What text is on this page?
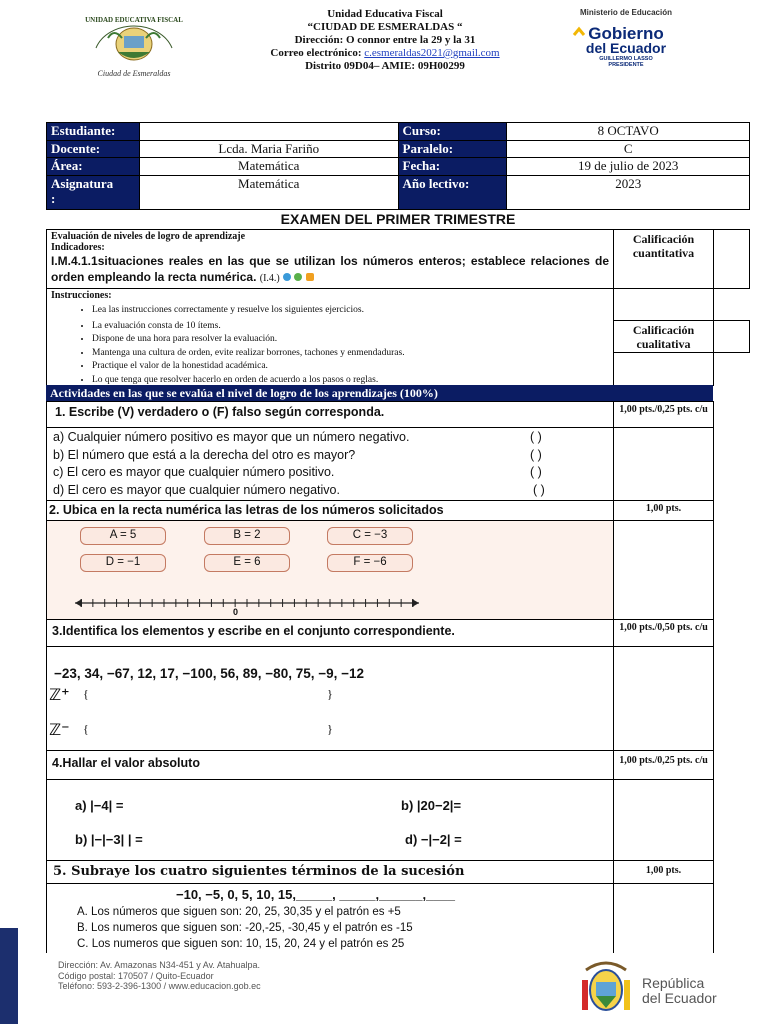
UNIDAD EDUCATIVA FISCAL
Ciudad de Esmeraldas
Unidad Educativa Fiscal
“CIUDAD DE ESMERALDAS “
Dirección: O connor entre la 29 y la 31
Correo electrónico: c.esmeraldas2021@gmail.com
Distrito 09D04– AMIE: 09H00299
Ministerio de Educación
Gobierno
del Ecuador
GUILLERMO LASSO
PRESIDENTE
Estudiante:		Curso:	8 OCTAVO
Docente:	Lcda. Maria Fariño	Paralelo:	C
Área:	Matemática	Fecha:	19 de julio de 2023
Asignatura
:	Matemática	Año lectivo:	2023
EXAMEN DEL PRIMER TRIMESTRE
Evaluación de niveles de logro de aprendizaje
Indicadores:
I.M.4.1.1situaciones reales en las que se utilizan los números enteros; establece relaciones de orden empleando la recta numérica. (I.4.)
Calificación cuantitativa
Instrucciones:
• Lea las instrucciones correctamente y resuelve los siguientes ejercicios.
• La evaluación consta de 10 ítems.
• Dispone de una hora para resolver la evaluación.
• Mantenga una cultura de orden, evite realizar borrones, tachones y enmendaduras.
• Practique el valor de la honestidad académica.
• Lo que tenga que resolver hacerlo en orden de acuerdo a los pasos o reglas.
Calificación cualitativa
Actividades en las que se evalúa el nivel de logro de los aprendizajes (100%)
1. Escribe (V) verdadero o (F) falso según corresponda.	1,00 pts./0,25 pts. c/u
a) Cualquier número positivo es mayor que un número negativo.	( )
b) El número que está a la derecha del otro es mayor?	( )
c) El cero es mayor que cualquier número positivo.	( )
d) El cero es mayor que cualquier número negativo.	( )
2. Ubica en la recta numérica las letras de los números solicitados	1,00 pts.
A = 5	B = 2	C = −3
D = −1	E = 6	F = −6
0
3.Identifica los elementos y escribe en el conjunto correspondiente.	1,00 pts./0,50 pts. c/u
−23, 34, −67, 12, 17, −100, 56, 89, −80, 75, −9, −12
ℤ⁺ {	}
ℤ⁻ {	}
4.Hallar el valor absoluto	1,00 pts./0,25 pts. c/u
a) |−4| =	b) |20−2|=
b) |−|−3| | =	d) −|−2| =
5. Subraye los cuatro siguientes términos de la sucesión	1,00 pts.
−10, −5, 0, 5, 10, 15,_____, _____,______,____
A. Los números que siguen son: 20, 25, 30,35 y el patrón es +5
B. Los numeros que siguen son: -20,-25, -30,45 y el patrón es -15
C. Los numeros que siguen son: 10, 15, 20, 24 y el patrón es 25
Dirección: Av. Amazonas N34-451 y Av. Atahualpa.
Código postal: 170507 / Quito-Ecuador
Teléfono: 593-2-396-1300 / www.educacion.gob.ec	República
del Ecuador
